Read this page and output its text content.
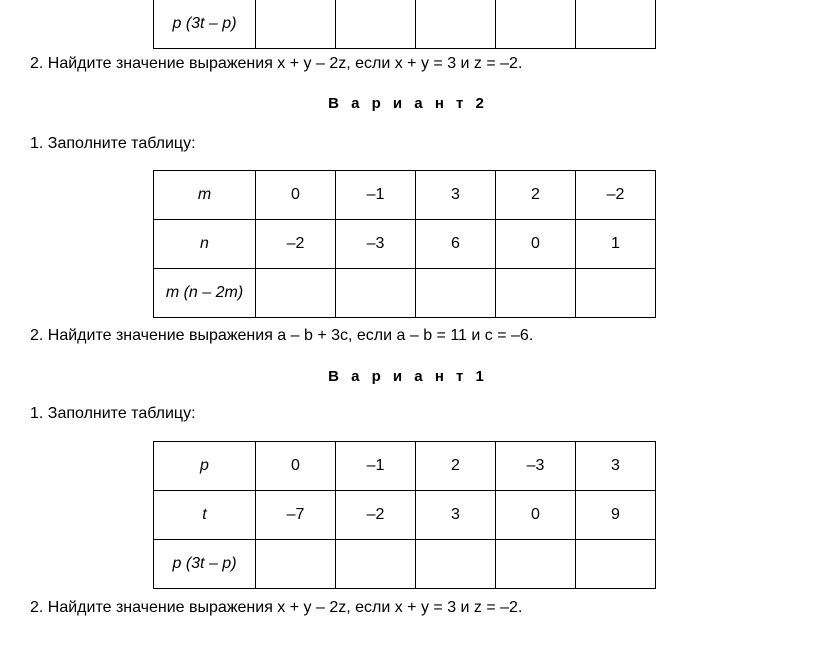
p (3t – p)					
2. Найдите значение выражения x + y – 2z, если x + y = 3 и z = –2.
В а р и а н т 2
1. Заполните таблицу:
m	0	–1	3	2	–2
n	–2	–3	6	0	1
m (n – 2m)					
2. Найдите значение выражения a – b + 3c, если a – b = 11 и c = –6.
В а р и а н т 1
1. Заполните таблицу:
p	0	–1	2	–3	3
t	–7	–2	3	0	9
p (3t – p)					
2. Найдите значение выражения x + y – 2z, если x + y = 3 и z = –2.
